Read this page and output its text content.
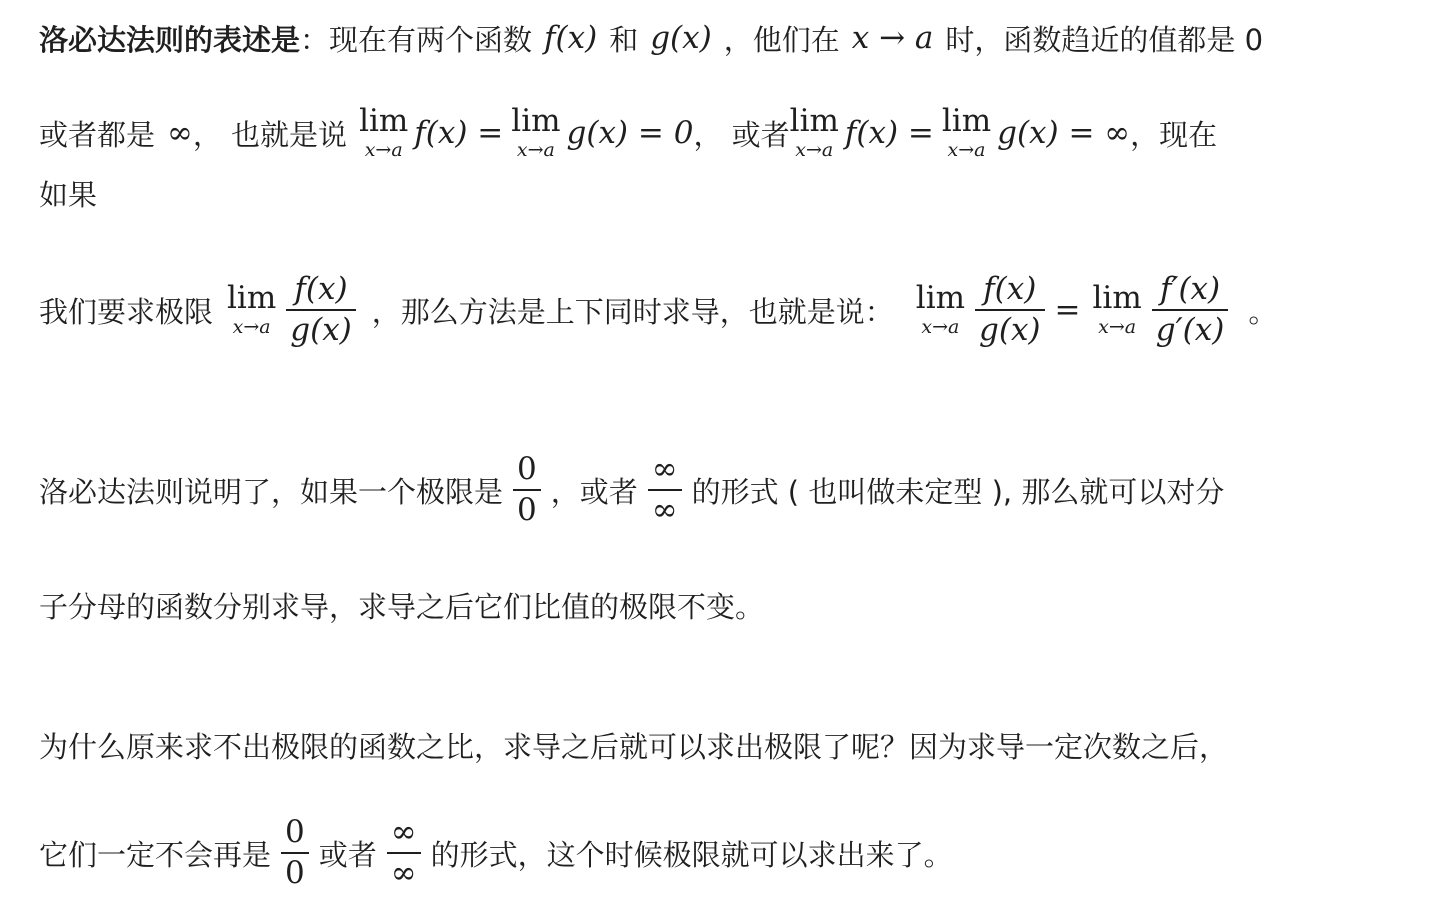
洛必达法则的表述是 ：现在有两个函数 f(x) 和 g(x) ，他们在 x → a 时，函数趋近的值都是 0
或者都是 ∞ ， 也就是说 lim
x→a f(x) = lim
x→a g(x) = 0 ， 或者 lim
x→a f(x) = lim
x→a g(x) = ∞ ，现在
如果
我们要求极限 lim
$x\to a \frac{f(x)}{g(x)}$ ，那么方法是上下同时求导，也就是说： lim
$x\to a \frac{f(x)}{g(x)} = \lim$
$x\to a \frac{f'(x)}{g'(x)}$ 。
洛必达法则说明了，如果一个极限是 $\frac{0}{0}$ ，或者 $\frac{\infty}{\infty}$ 的形式 ( 也叫做未定型 ), 那么就可以对分
子分母的函数分别求导，求导之后它们比值的极限不变。
为什么原来求不出极限的函数之比，求导之后就可以求出极限了呢？因为求导一定次数之后，
它们一定不会再是 $\frac{0}{0}$ 或者 $\frac{\infty}{\infty}$ 的形式，这个时候极限就可以求出来了。
